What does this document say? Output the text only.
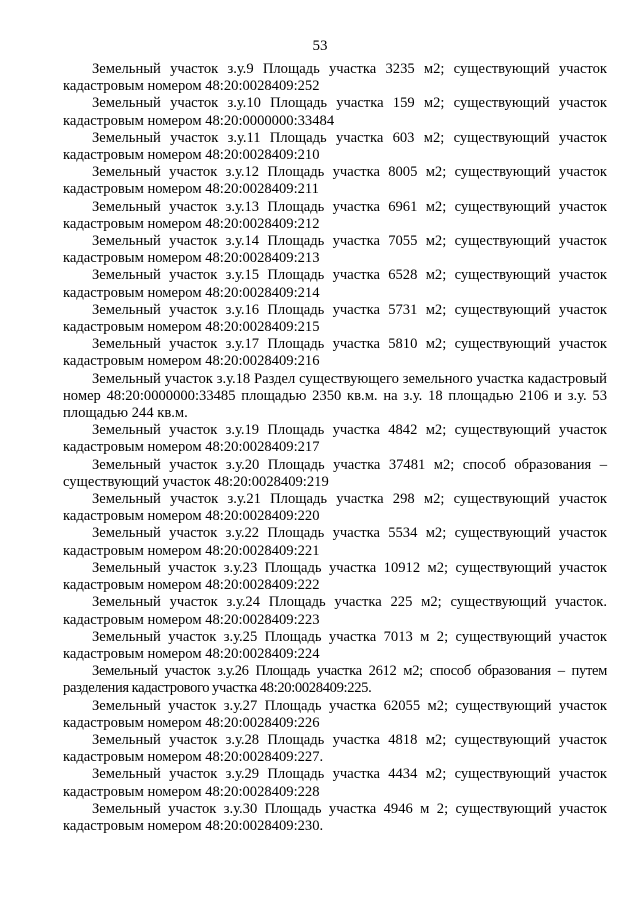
53

Земельный участок з.у.9 Площадь участка 3235 м2; существующий участок кадастровым номером 48:20:0028409:252

Земельный участок з.у.10 Площадь участка 159 м2; существующий участок кадастровым номером 48:20:0000000:33484

Земельный участок з.у.11 Площадь участка 603 м2; существующий участок кадастровым номером 48:20:0028409:210

Земельный участок з.у.12 Площадь участка 8005 м2; существующий участок кадастровым номером 48:20:0028409:211

Земельный участок з.у.13 Площадь участка 6961 м2; существующий участок кадастровым номером 48:20:0028409:212

Земельный участок з.у.14 Площадь участка 7055 м2; существующий участок кадастровым номером 48:20:0028409:213

Земельный участок з.у.15 Площадь участка 6528 м2; существующий участок кадастровым номером 48:20:0028409:214

Земельный участок з.у.16 Площадь участка 5731 м2; существующий участок кадастровым номером 48:20:0028409:215

Земельный участок з.у.17 Площадь участка 5810 м2; существующий участок кадастровым номером 48:20:0028409:216

Земельный участок з.у.18 Раздел существующего земельного участка кадастровый номер 48:20:0000000:33485 площадью 2350 кв.м. на з.у. 18 площадью 2106 и з.у. 53 площадью 244 кв.м.

Земельный участок з.у.19 Площадь участка 4842 м2; существующий участок кадастровым номером 48:20:0028409:217

Земельный участок з.у.20 Площадь участка 37481 м2; способ образования – существующий участок 48:20:0028409:219

Земельный участок з.у.21 Площадь участка 298 м2; существующий участок кадастровым номером 48:20:0028409:220

Земельный участок з.у.22 Площадь участка 5534 м2; существующий участок кадастровым номером 48:20:0028409:221

Земельный участок з.у.23 Площадь участка 10912 м2; существующий участок кадастровым номером 48:20:0028409:222

Земельный участок з.у.24 Площадь участка 225 м2; существующий участок. кадастровым номером 48:20:0028409:223

Земельный участок з.у.25 Площадь участка 7013 м 2; существующий участок кадастровым номером 48:20:0028409:224

Земельный участок з.у.26 Площадь участка 2612 м2; способ образования – путем разделения кадастрового участка 48:20:0028409:225.

Земельный участок з.у.27 Площадь участка 62055 м2; существующий участок кадастровым номером 48:20:0028409:226

Земельный участок з.у.28 Площадь участка 4818 м2; существующий участок кадастровым номером 48:20:0028409:227.

Земельный участок з.у.29 Площадь участка 4434 м2; существующий участок кадастровым номером 48:20:0028409:228

Земельный участок з.у.30 Площадь участка 4946 м 2; существующий участок кадастровым номером 48:20:0028409:230.
